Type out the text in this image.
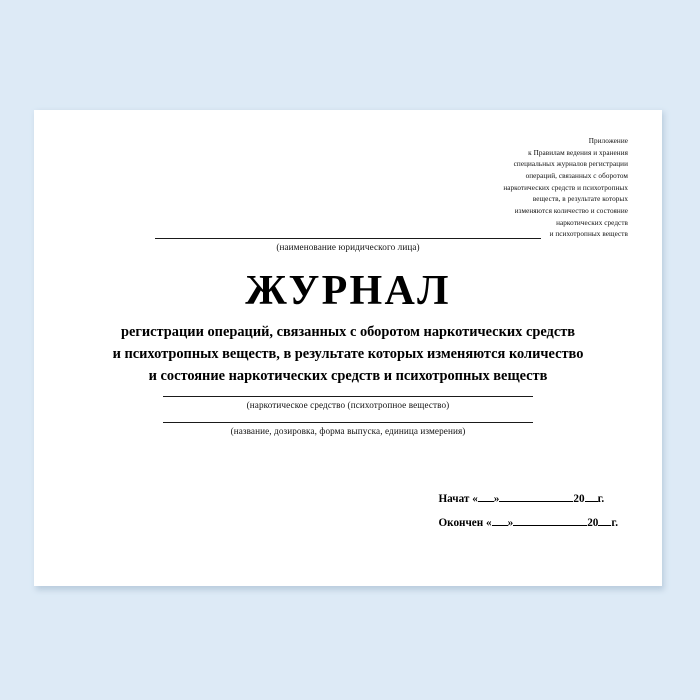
Приложение
к Правилам ведения и хранения
специальных журналов регистрации
операций, связанных с оборотом
наркотических средств и психотропных
веществ, в результате которых
изменяются количество и состояние
наркотических средств
и психотропных веществ
(наименование юридического лица)
ЖУРНАЛ
регистрации операций, связанных с оборотом наркотических средств
и психотропных веществ, в результате которых изменяются количество
и состояние наркотических средств и психотропных веществ
(наркотическое средство (психотропное вещество)
(название, дозировка, форма выпуска, единица измерения)
Начат « »	20 г.
Окончен « »	20 г.
